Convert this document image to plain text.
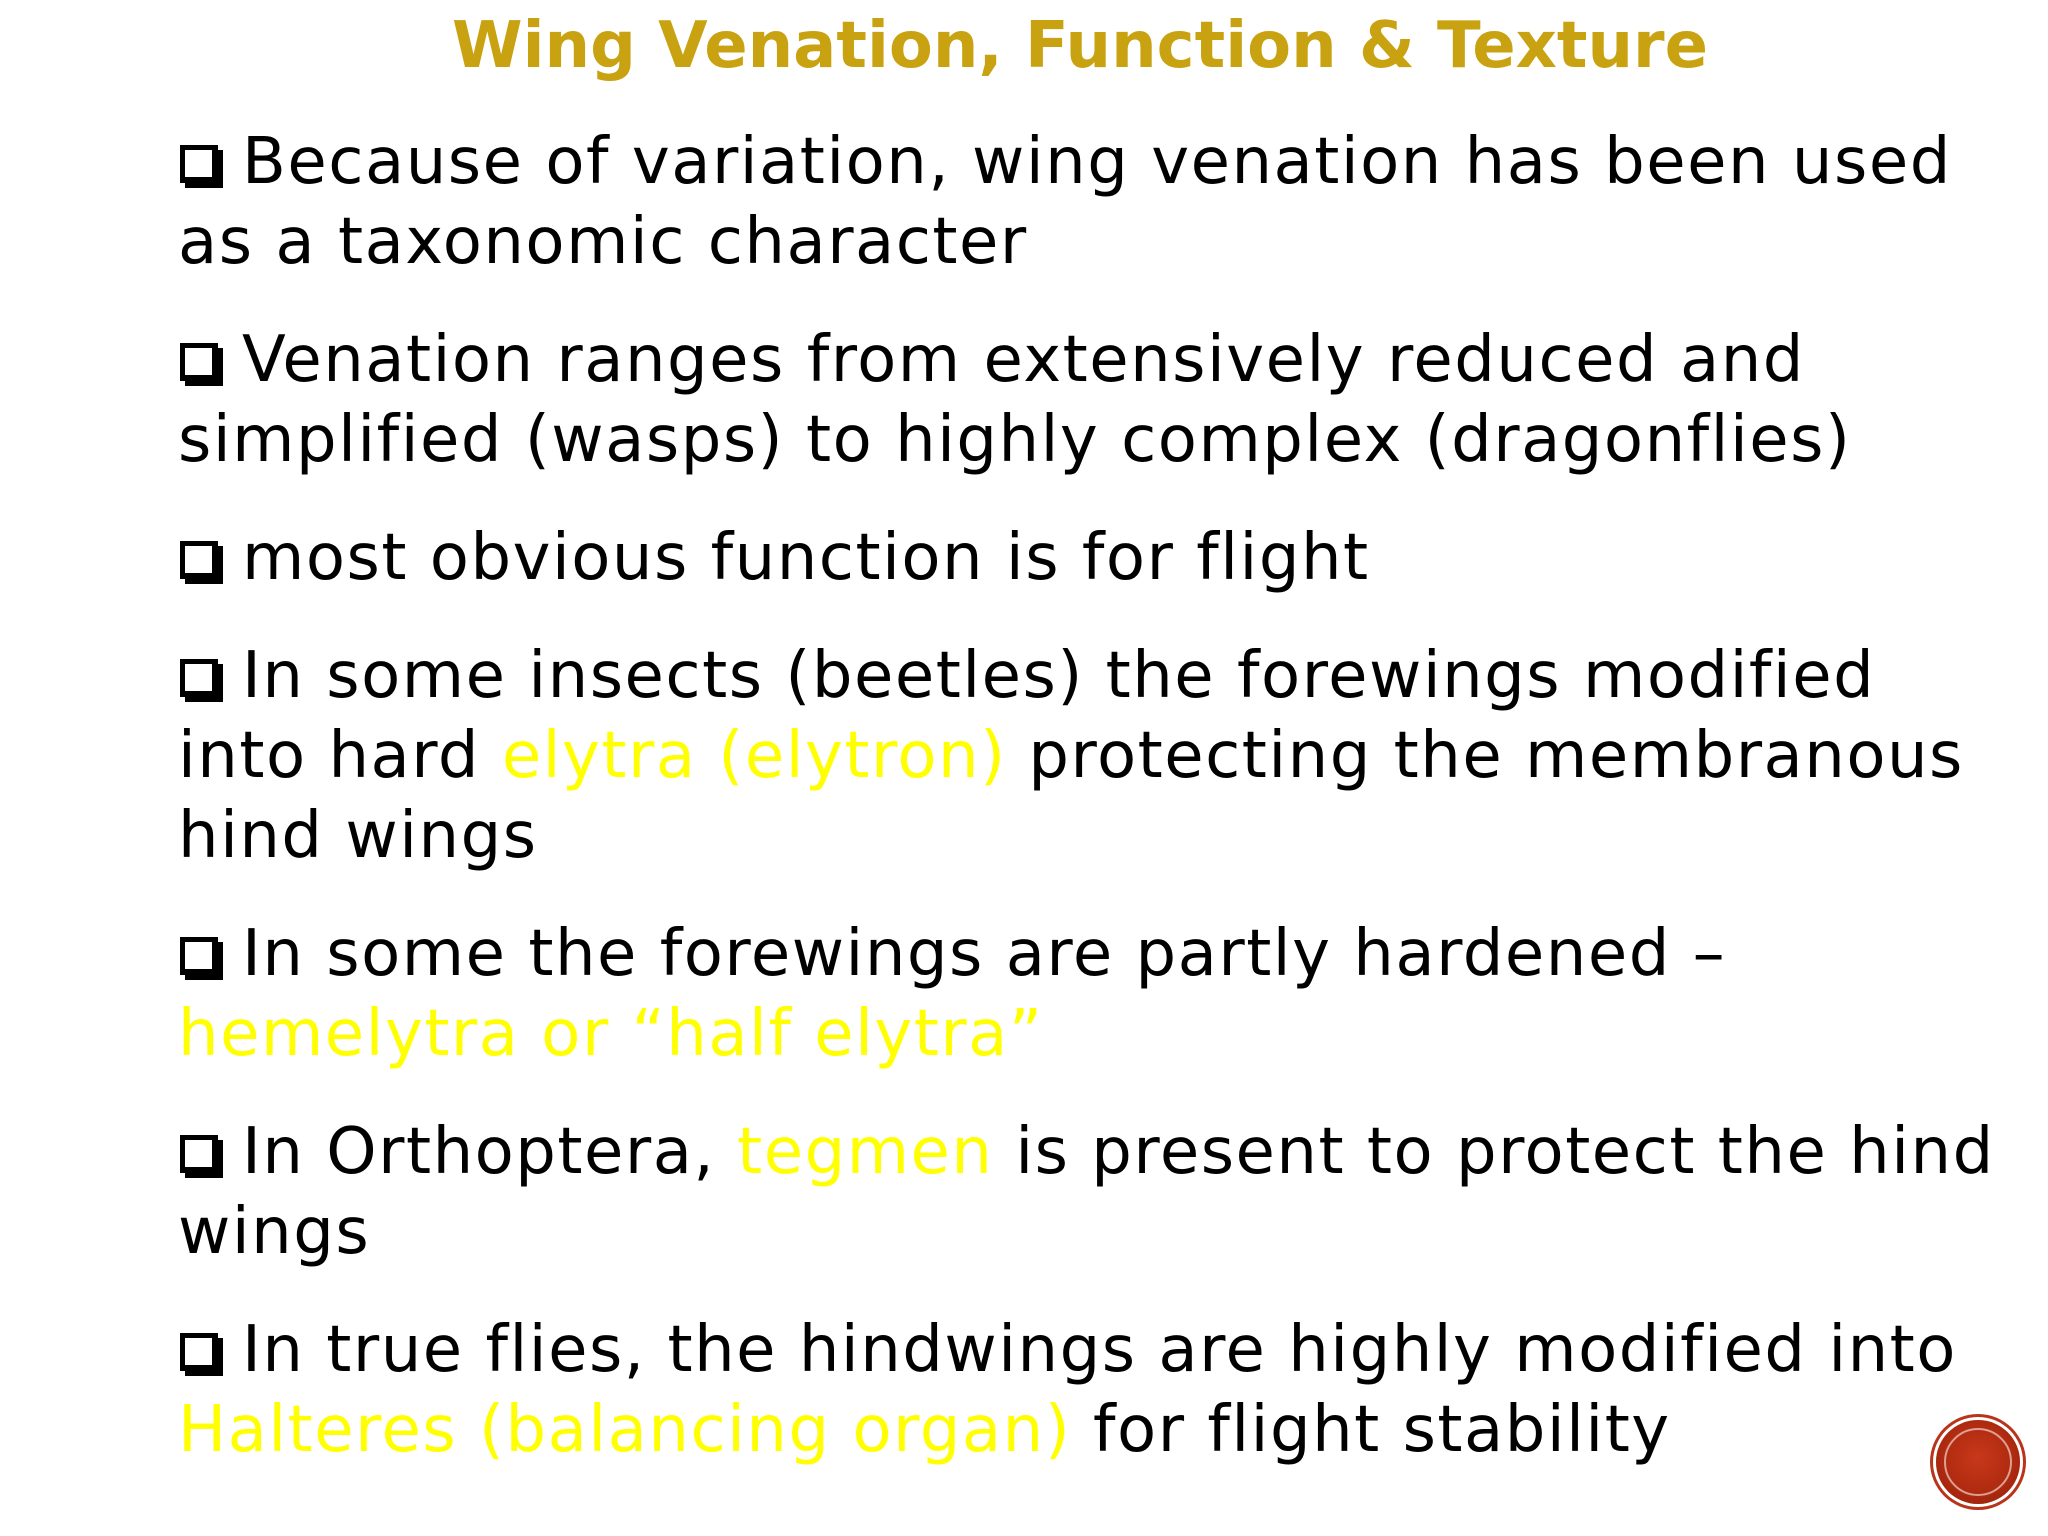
Wing Venation, Function & Texture
Because of variation, wing venation has been used as a taxonomic character
Venation ranges from extensively reduced and simplified (wasps) to highly complex (dragonflies)
most obvious function is for flight
In some insects (beetles) the forewings modified into hard elytra (elytron) protecting the membranous hind wings
In some the forewings are partly hardened – hemelytra or “half elytra”
In Orthoptera, tegmen is present to protect the hind wings
In true flies, the hindwings are highly modified into Halteres (balancing organ) for flight stability
